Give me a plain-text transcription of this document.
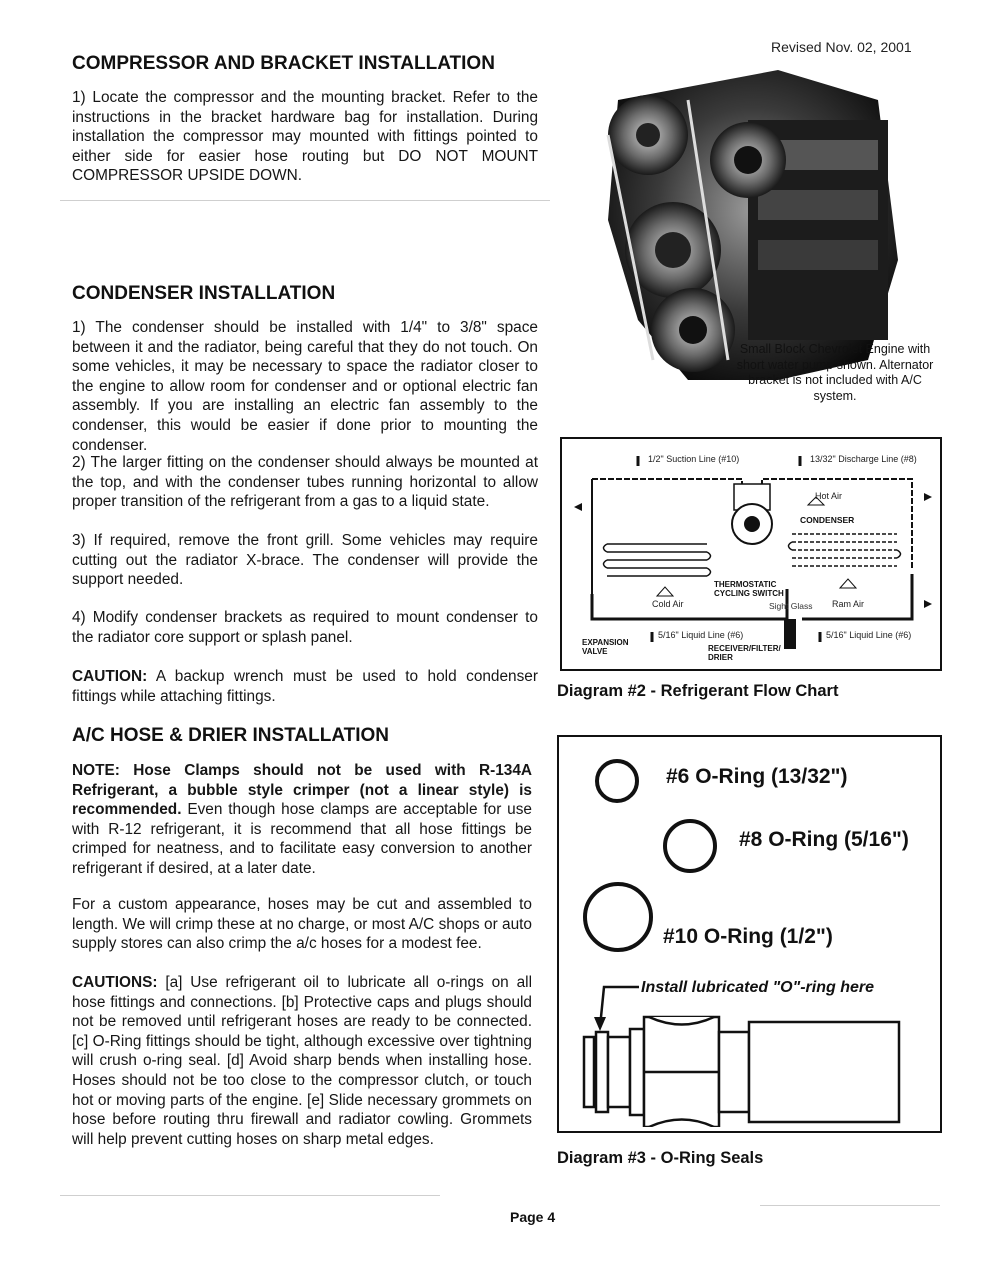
Revised Nov. 02, 2001
COMPRESSOR AND BRACKET INSTALLATION

1) Locate the compressor and the mounting bracket. Refer to the instructions in the bracket hardware bag for installation. During installation the compressor may mounted with fittings pointed to either side for easier hose routing but DO NOT MOUNT COMPRESSOR UPSIDE DOWN.

Small Block Chevrolet Engine with short water pump shown. Alternator bracket is not included with A/C system.
CONDENSER INSTALLATION

1) The condenser should be installed with 1/4" to 3/8" space between it and the radiator, being careful that they do not touch. On some vehicles, it may be necessary to space the radiator closer to the engine to allow room for condenser and or optional electric fan assembly. If you are installing an electric fan assembly to the condenser, this would be easier if done prior to mounting the condenser.

2) The larger fitting on the condenser should always be mounted at the top, and with the condenser tubes running horizontal to allow proper transition of the refrigerant from a gas to a liquid state.

3) If required, remove the front grill. Some vehicles may require cutting out the radiator X-brace. The condenser will provide the support needed.

4) Modify condenser brackets as required to mount condenser to the radiator core support or splash panel.

CAUTION: A backup wrench must be used to hold condenser fittings while attaching fittings.

A/C HOSE & DRIER INSTALLATION

NOTE: Hose Clamps should not be used with R-134A Refrigerant, a bubble style crimper (not a linear style) is recommended. Even though hose clamps are acceptable for use with R-12 refrigerant, it is recommend that all hose fittings be crimped for neatness, and to facilitate easy conversion to another refrigerant if desired, at a later date.

For a custom appearance, hoses may be cut and assembled to length. We will crimp these at no charge, or most A/C shops or auto supply stores can also crimp the a/c hoses for a modest fee.

CAUTIONS: [a] Use refrigerant oil to lubricate all o-rings on all hose fittings and connections. [b] Protective caps and plugs should not be removed until refrigerant hoses are ready to be connected. [c] O-Ring fittings should be tight, although excessive over tightning will crush o-ring seal. [d] Avoid sharp bends when installing hose. Hoses should not be too close to the compressor clutch, or touch hot or moving parts of the engine. [e] Slide necessary grommets on hose before routing thru firewall and radiator cowling. Grommets will help prevent cutting hoses on sharp metal edges.

1/2" Suction Line (#10)	13/32" Discharge Line (#8)
Hot Air
CONDENSER
THERMOSTATIC
CYCLING SWITCH
Sight Glass
Cold Air	Ram Air
5/16" Liquid Line (#6)	5/16" Liquid Line (#6)
EXPANSION
VALVE	RECEIVER/FILTER/
DRIER
Diagram #2 - Refrigerant Flow Chart
#6 O-Ring (13/32")
#8 O-Ring (5/16")
#10 O-Ring (1/2")
Install lubricated "O"-ring here
Diagram #3 - O-Ring Seals
Page 4
